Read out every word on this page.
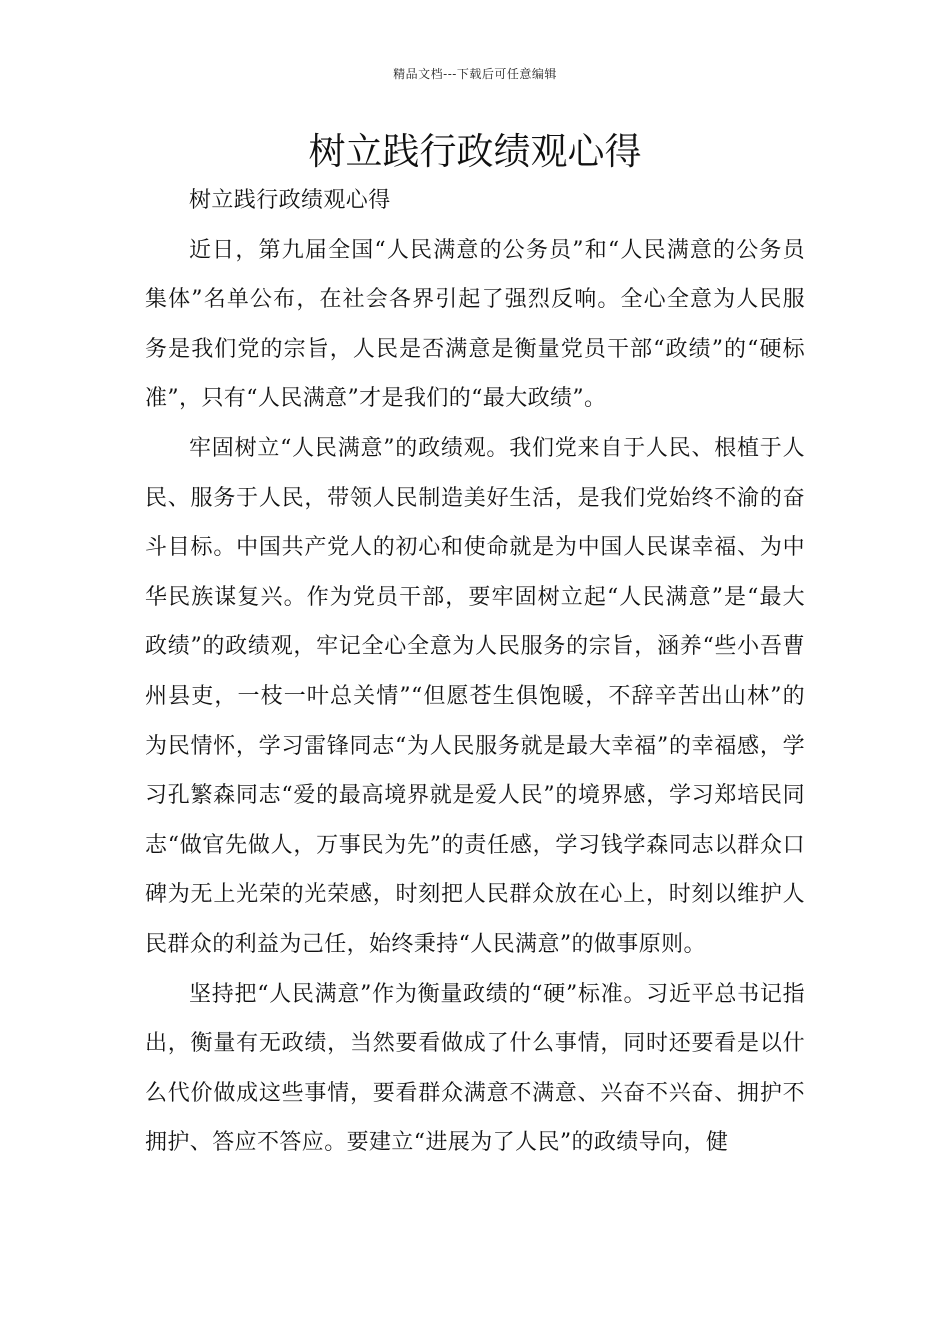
精品文档---下载后可任意编辑
树立践行政绩观心得

树立践行政绩观心得

近日，第九届全国“人民满意的公务员”和“人民满意的公务员集体”名单公布，在社会各界引起了强烈反响。全心全意为人民服务是我们党的宗旨，人民是否满意是衡量党员干部“政绩”的“硬标准”，只有“人民满意”才是我们的“最大政绩”。

牢固树立“人民满意”的政绩观。我们党来自于人民、根植于人民、服务于人民，带领人民制造美好生活，是我们党始终不渝的奋斗目标。中国共产党人的初心和使命就是为中国人民谋幸福、为中华民族谋复兴。作为党员干部，要牢固树立起“人民满意”是“最大政绩”的政绩观，牢记全心全意为人民服务的宗旨，涵养“些小吾曹州县吏，一枝一叶总关情”“但愿苍生俱饱暖，不辞辛苦出山林”的为民情怀，学习雷锋同志“为人民服务就是最大幸福”的幸福感，学习孔繁森同志“爱的最高境界就是爱人民”的境界感，学习郑培民同志“做官先做人，万事民为先”的责任感，学习钱学森同志以群众口碑为无上光荣的光荣感，时刻把人民群众放在心上，时刻以维护人民群众的利益为己任，始终秉持“人民满意”的做事原则。

坚持把“人民满意”作为衡量政绩的“硬”标准。习近平总书记指出，衡量有无政绩，当然要看做成了什么事情，同时还要看是以什么代价做成这些事情，要看群众满意不满意、兴奋不兴奋、拥护不拥护、答应不答应。要建立“进展为了人民”的政绩导向，健
